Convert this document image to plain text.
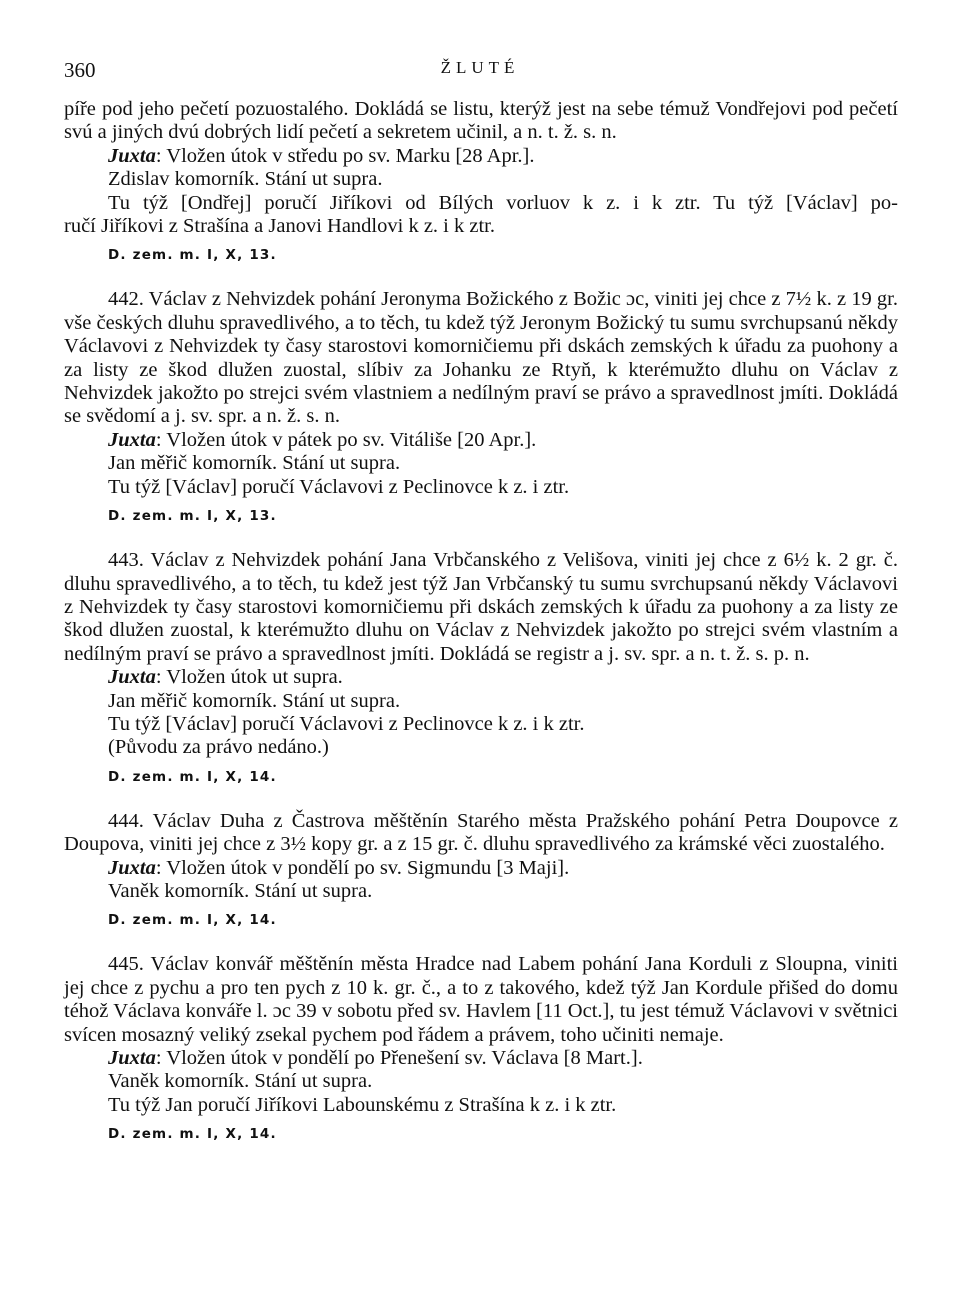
360	ŽLUTÉ

píře pod jeho pečetí pozuostalého. Dokládá se listu, kterýž jest na sebe témuž Vondřejovi pod pečetí svú a jiných dvú dobrých lidí pečetí a sekretem učinil, a n. t. ž. s. n.

Juxta: Vložen útok v středu po sv. Marku [28 Apr.].

Zdislav komorník. Stání ut supra.

Tu týž [Ondřej] poručí Jiříkovi od Bílých vorluov k z. i k ztr. Tu týž [Václav] po-

ručí Jiříkovi z Strašína a Janovi Handlovi k z. i k ztr.

D. zem. m. I, X, 13.

442. Václav z Nehvizdek pohání Jeronyma Božického z Božic ɔc, viniti jej chce z 7½ k. z 19 gr. vše českých dluhu spravedlivého, a to těch, tu kdež týž Jeronym Božický tu sumu svrchupsanú někdy Václavovi z Nehvizdek ty časy starostovi komorničiemu při dskách zemských k úřadu za puohony a za listy ze škod dlužen zuostal, slíbiv za Johanku ze Rtyň, k kterémužto dluhu on Václav z Nehvizdek jakožto po strejci svém vlastniem a nedílným praví se právo a spravedlnost jmíti. Dokládá se svědomí a j. sv. spr. a n. ž. s. n.

Juxta: Vložen útok v pátek po sv. Vitáliše [20 Apr.].

Jan měřič komorník. Stání ut supra.

Tu týž [Václav] poručí Václavovi z Peclinovce k z. i ztr.

D. zem. m. I, X, 13.

443. Václav z Nehvizdek pohání Jana Vrbčanského z Velišova, viniti jej chce z 6½ k. 2 gr. č. dluhu spravedlivého, a to těch, tu kdež jest týž Jan Vrbčanský tu sumu svrchupsanú někdy Václavovi z Nehvizdek ty časy starostovi komorničiemu při dskách zemských k úřadu za puohony a za listy ze škod dlužen zuostal, k kterémužto dluhu on Václav z Nehvizdek jakožto po strejci svém vlastním a nedílným praví se právo a spravedlnost jmíti. Dokládá se registr a j. sv. spr. a n. t. ž. s. p. n.

Juxta: Vložen útok ut supra.

Jan měřič komorník. Stání ut supra.

Tu týž [Václav] poručí Václavovi z Peclinovce k z. i k ztr.

(Původu za právo nedáno.)

D. zem. m. I, X, 14.

444. Václav Duha z Častrova měštěnín Starého města Pražského pohání Petra Doupovce z Doupova, viniti jej chce z 3½ kopy gr. a z 15 gr. č. dluhu spravedlivého za krámské věci zuostalého.

Juxta: Vložen útok v pondělí po sv. Sigmundu [3 Maji].

Vaněk komorník. Stání ut supra.

D. zem. m. I, X, 14.

445. Václav konvář měštěnín města Hradce nad Labem pohání Jana Korduli z Sloupna, viniti jej chce z pychu a pro ten pych z 10 k. gr. č., a to z takového, kdež týž Jan Kordule přišed do domu téhož Václava konváře l. ɔc 39 v sobotu před sv. Havlem [11 Oct.], tu jest témuž Václavovi v světnici svícen mosazný veliký zsekal pychem pod řádem a právem, toho učiniti nemaje.

Juxta: Vložen útok v pondělí po Přenešení sv. Václava [8 Mart.].

Vaněk komorník. Stání ut supra.

Tu týž Jan poručí Jiříkovi Labounskému z Strašína k z. i k ztr.

D. zem. m. I, X, 14.
